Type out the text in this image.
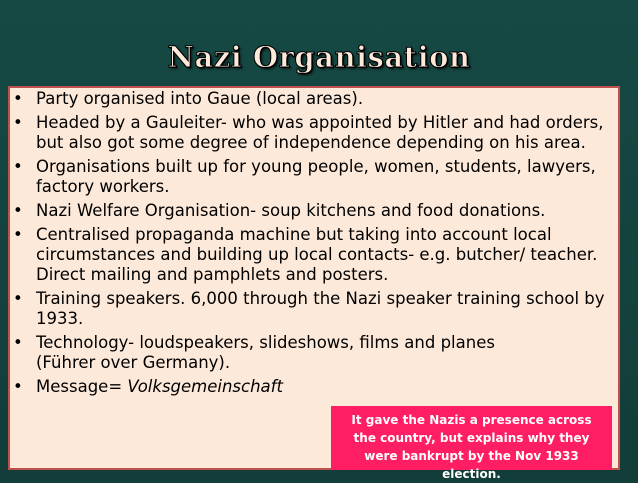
Nazi Organisation
• Party organised into Gaue (local areas).
• Headed by a Gauleiter- who was appointed by Hitler and had orders, but also got some degree of independence depending on his area.
• Organisations built up for young people, women, students, lawyers, factory workers.
• Nazi Welfare Organisation- soup kitchens and food donations.
• Centralised propaganda machine but taking into account local circumstances and building up local contacts- e.g. butcher/ teacher. Direct mailing and pamphlets and posters.
• Training speakers. 6,000 through the Nazi speaker training school by 1933.
• Technology- loudspeakers, slideshows, films and planes (Führer over Germany).
• Message= Volksgemeinschaft
It gave the Nazis a presence across the country, but explains why they were bankrupt by the Nov 1933 election.
